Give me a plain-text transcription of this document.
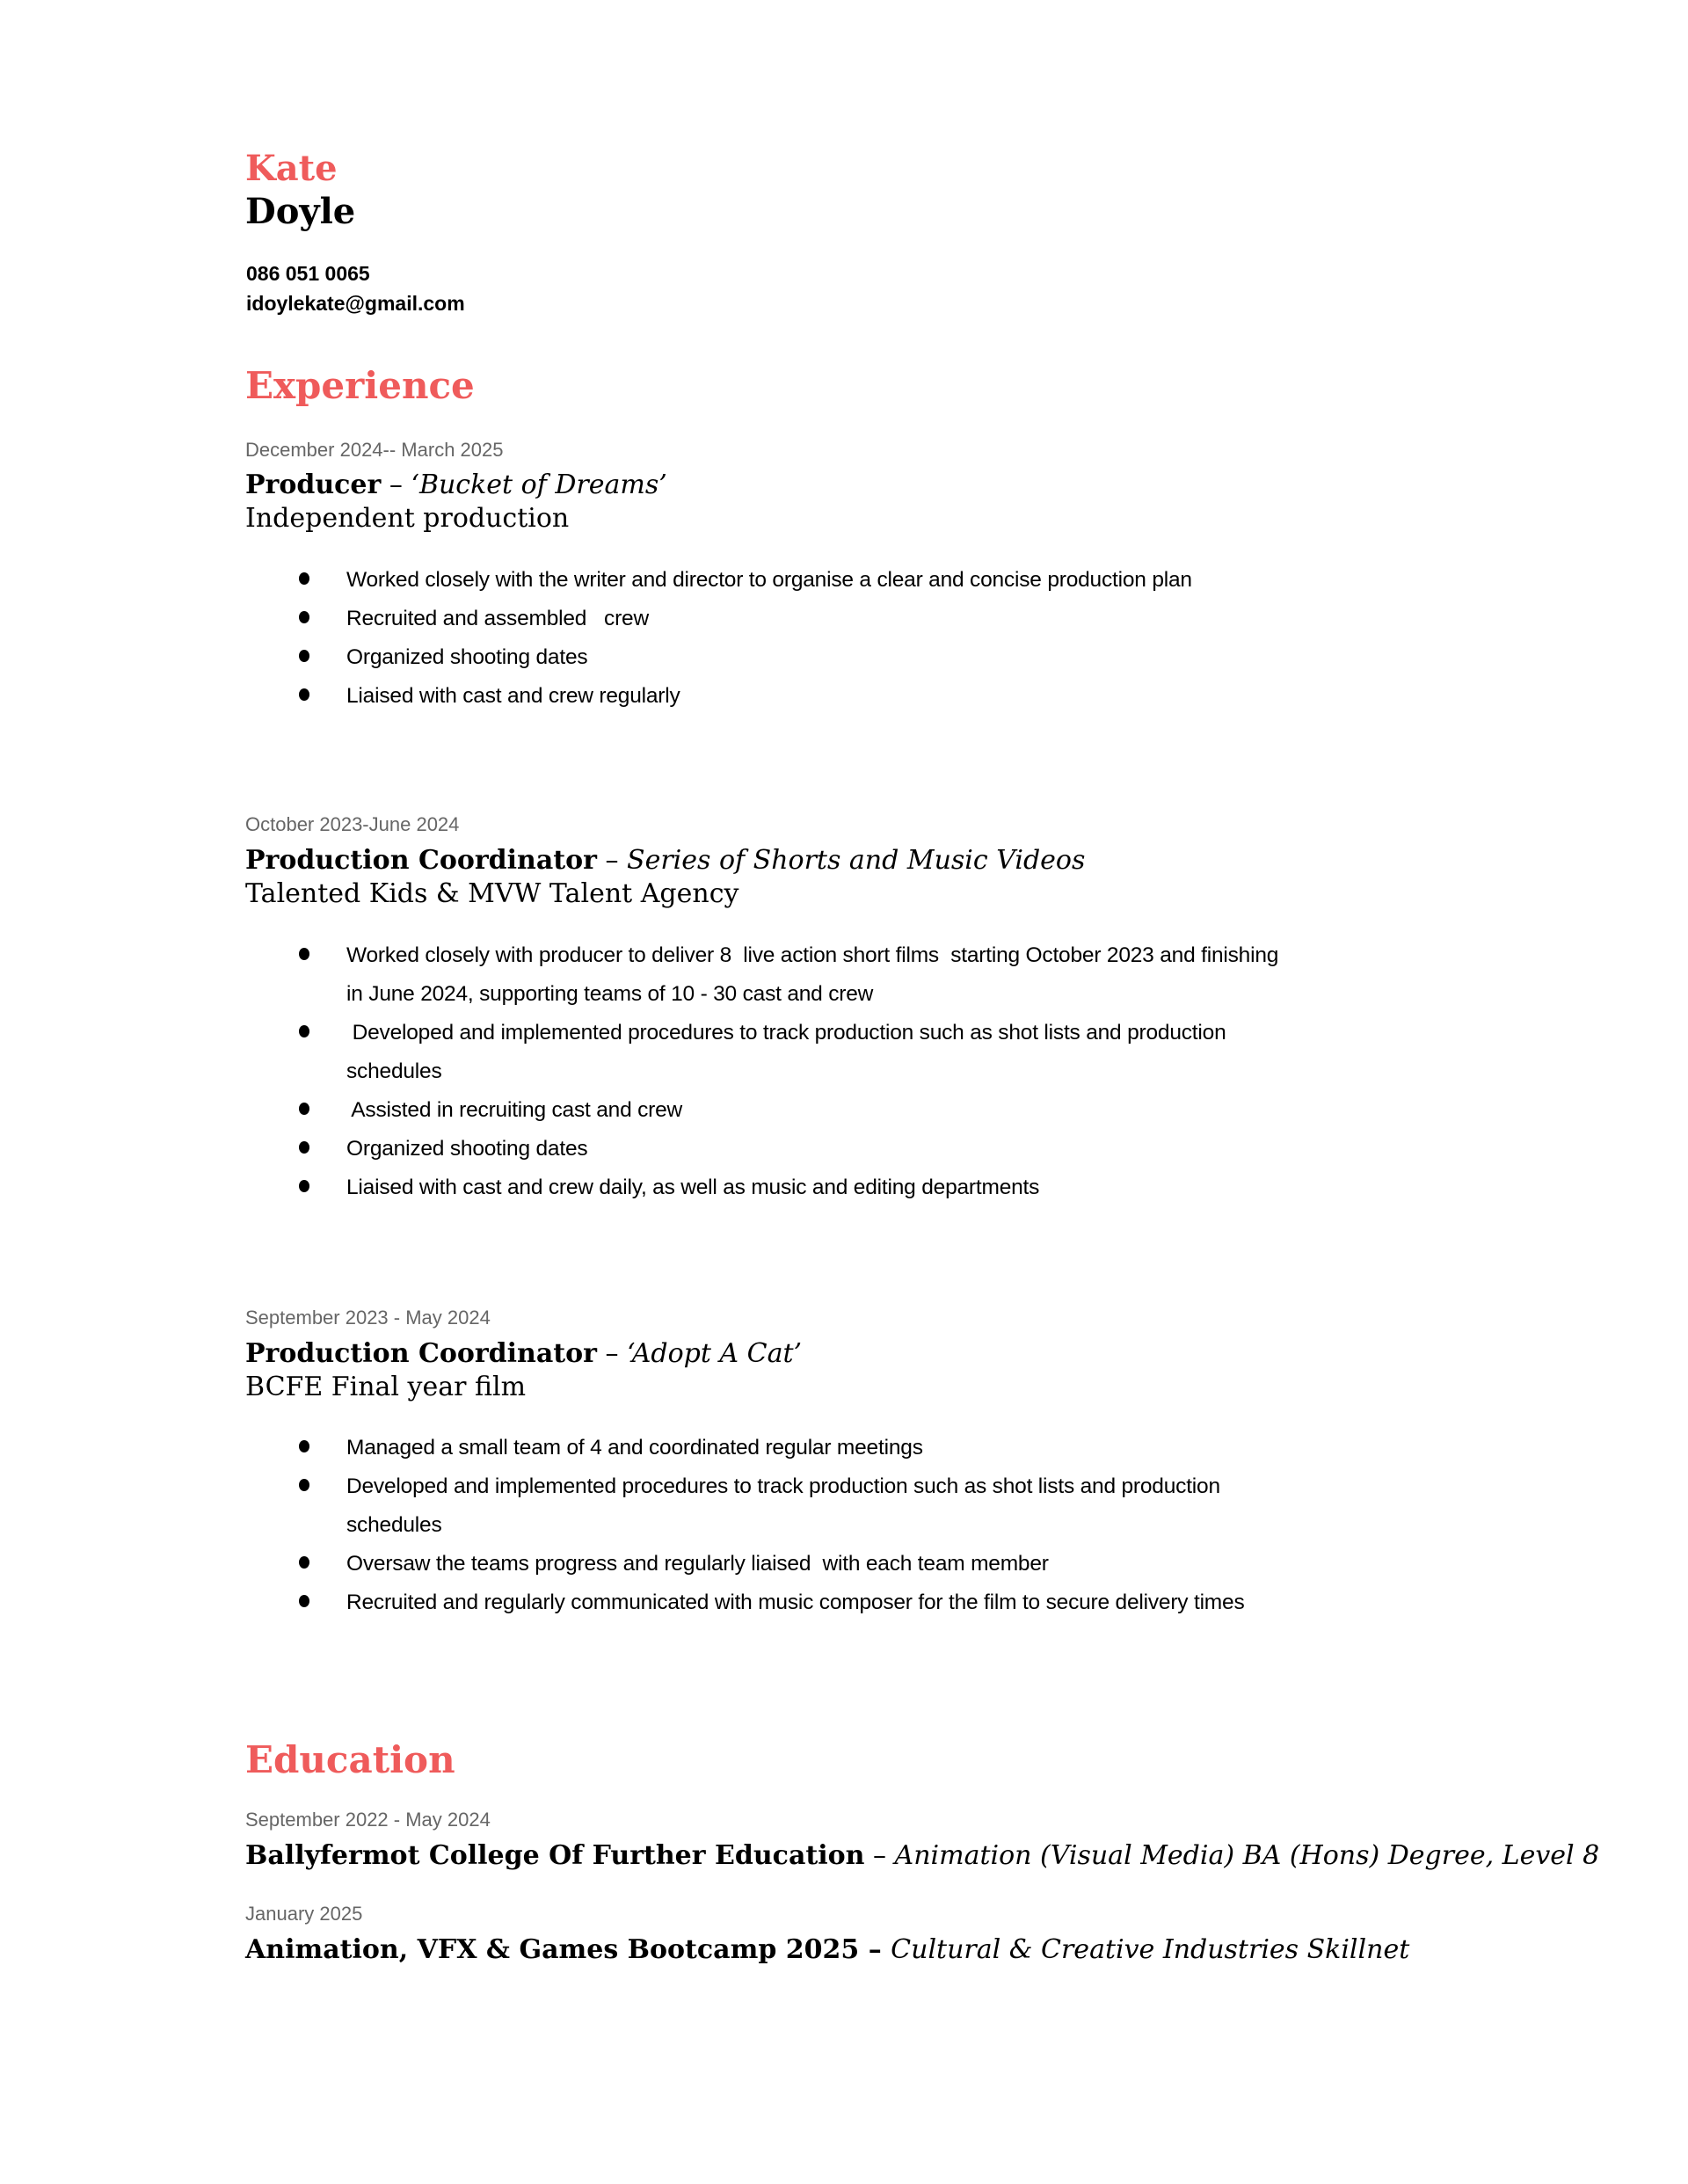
Kate
Doyle
086 051 0065
idoylekate@gmail.com
Experience
December 2024-- March 2025
Producer – ‘Bucket of Dreams’
Independent production
Worked closely with the writer and director to organise a clear and concise production plan
Recruited and assembled   crew
Organized shooting dates
Liaised with cast and crew regularly
October 2023-June 2024
Production Coordinator – Series of Shorts and Music Videos
Talented Kids & MVW Talent Agency
Worked closely with producer to deliver 8  live action short films  starting October 2023 and finishing
in June 2024, supporting teams of 10 - 30 cast and crew
Developed and implemented procedures to track production such as shot lists and production
schedules
Assisted in recruiting cast and crew
Organized shooting dates
Liaised with cast and crew daily, as well as music and editing departments
September 2023 - May 2024
Production Coordinator – ‘Adopt A Cat’
BCFE Final year film
Managed a small team of 4 and coordinated regular meetings
Developed and implemented procedures to track production such as shot lists and production
schedules
Oversaw the teams progress and regularly liaised  with each team member
Recruited and regularly communicated with music composer for the film to secure delivery times
Education
September 2022 - May 2024
Ballyfermot College Of Further Education – Animation (Visual Media) BA (Hons) Degree, Level 8
January 2025
Animation, VFX & Games Bootcamp 2025 – Cultural & Creative Industries Skillnet
